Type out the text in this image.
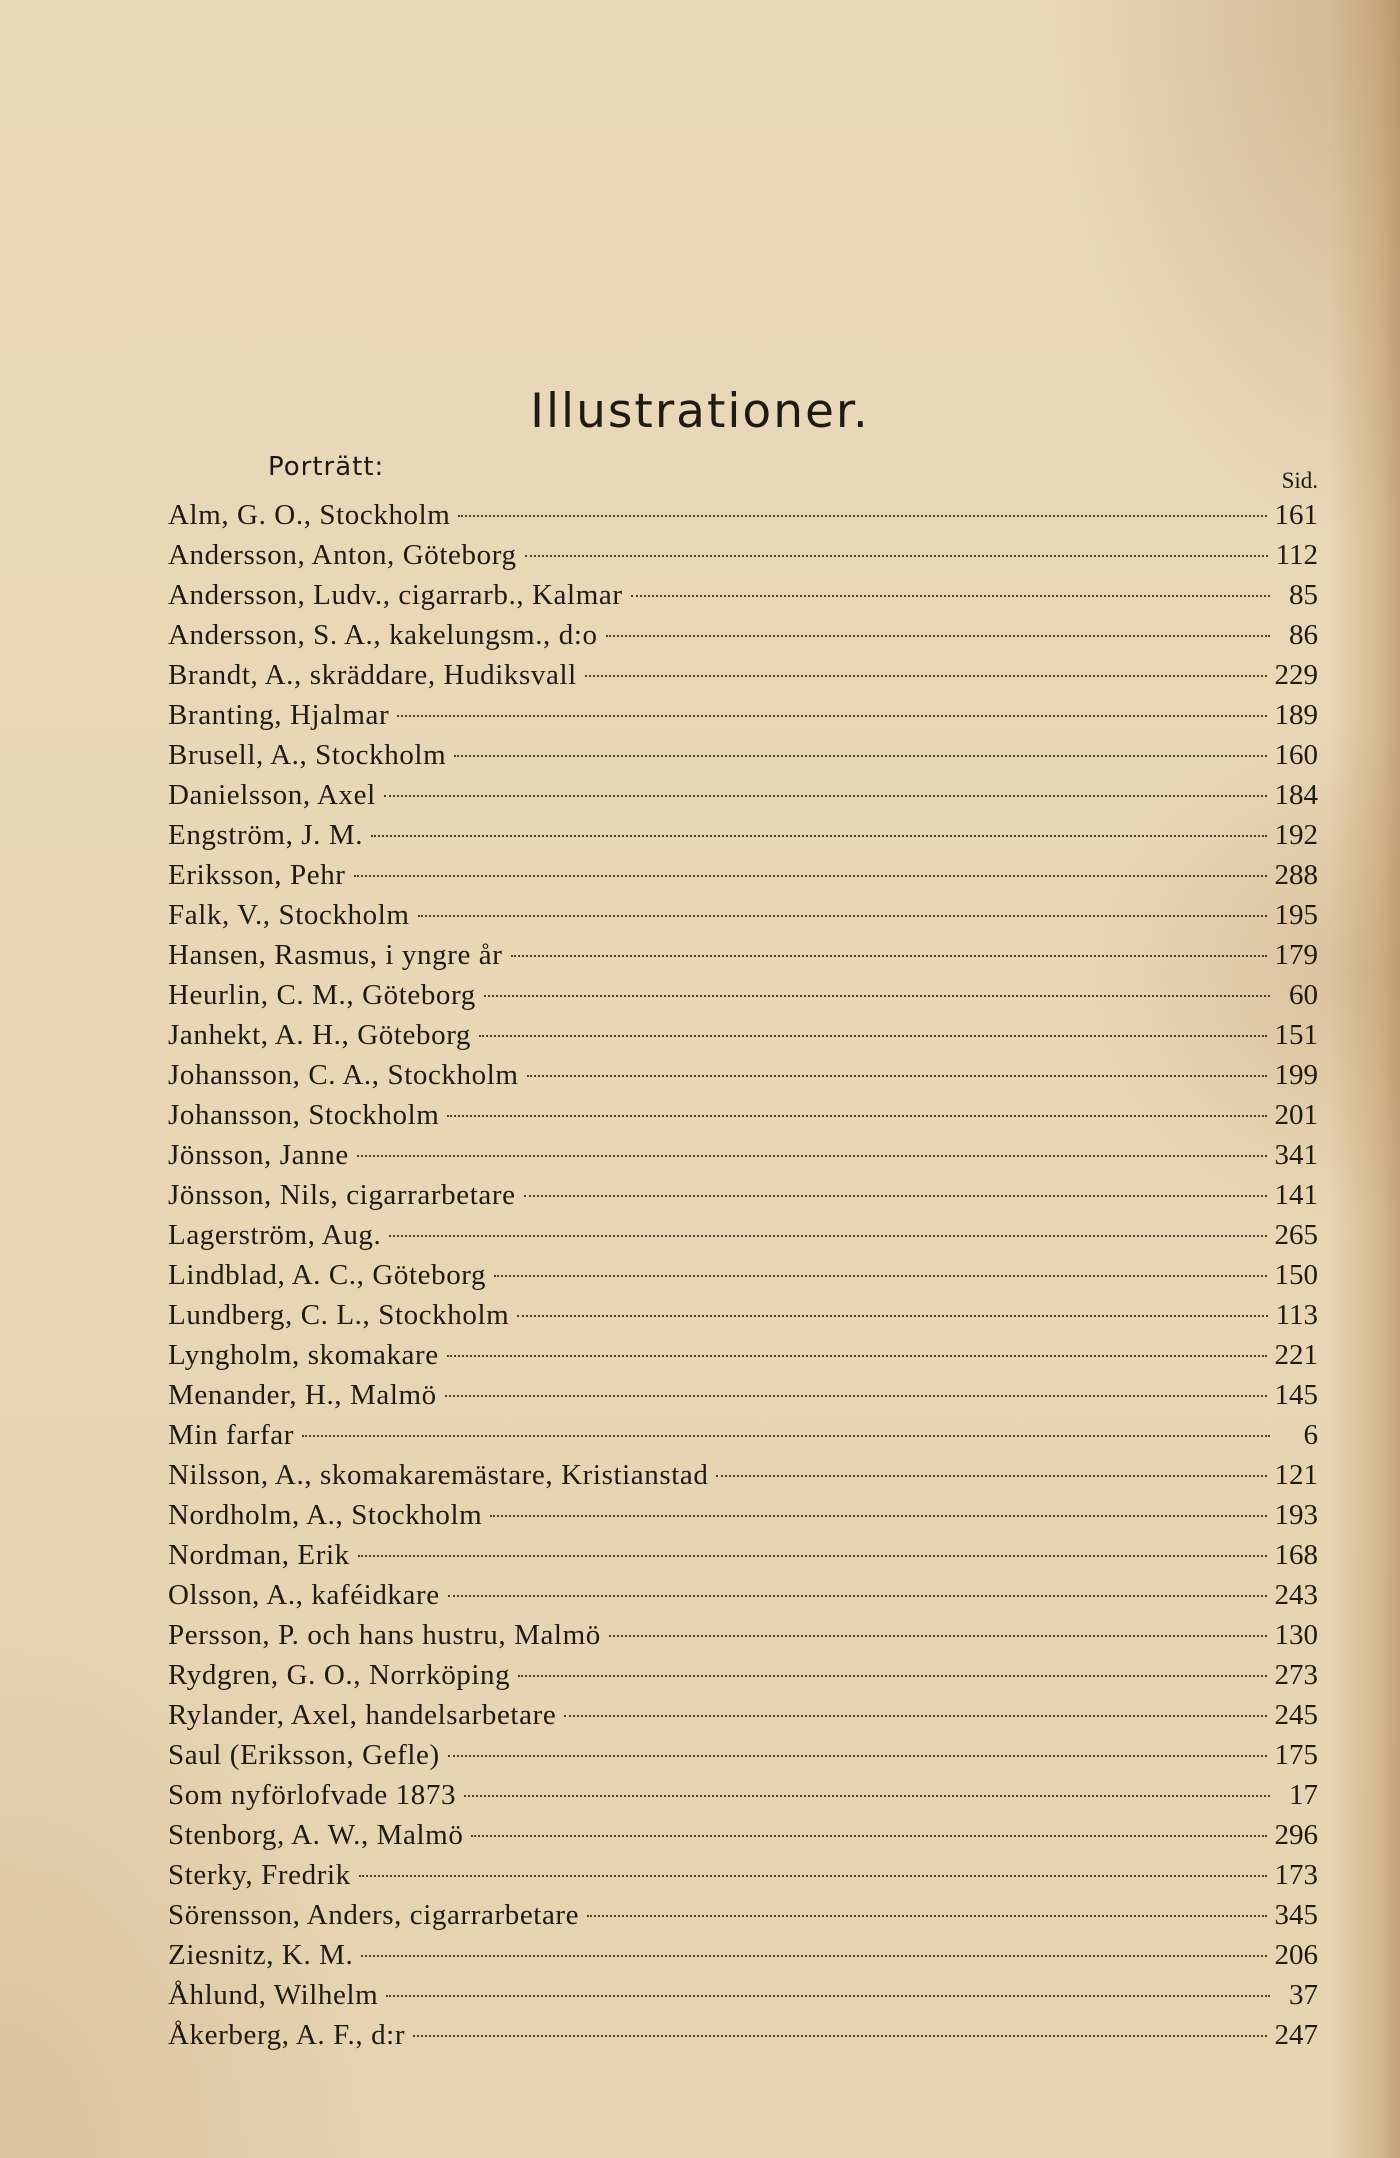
Illustrationer.
Porträtt:	Sid.
Alm, G. O., Stockholm	161
Andersson, Anton, Göteborg	112
Andersson, Ludv., cigarrarb., Kalmar	85
Andersson, S. A., kakelungsm., d:o	86
Brandt, A., skräddare, Hudiksvall	229
Branting, Hjalmar	189
Brusell, A., Stockholm	160
Danielsson, Axel	184
Engström, J. M.	192
Eriksson, Pehr	288
Falk, V., Stockholm	195
Hansen, Rasmus, i yngre år	179
Heurlin, C. M., Göteborg	60
Janhekt, A. H., Göteborg	151
Johansson, C. A., Stockholm	199
Johansson, Stockholm	201
Jönsson, Janne	341
Jönsson, Nils, cigarrarbetare	141
Lagerström, Aug.	265
Lindblad, A. C., Göteborg	150
Lundberg, C. L., Stockholm	113
Lyngholm, skomakare	221
Menander, H., Malmö	145
Min farfar	6
Nilsson, A., skomakaremästare, Kristianstad	121
Nordholm, A., Stockholm	193
Nordman, Erik	168
Olsson, A., kaféidkare	243
Persson, P. och hans hustru, Malmö	130
Rydgren, G. O., Norrköping	273
Rylander, Axel, handelsarbetare	245
Saul (Eriksson, Gefle)	175
Som nyförlofvade 1873	17
Stenborg, A. W., Malmö	296
Sterky, Fredrik	173
Sörensson, Anders, cigarrarbetare	345
Ziesnitz, K. M.	206
Åhlund, Wilhelm	37
Åkerberg, A. F., d:r	247
